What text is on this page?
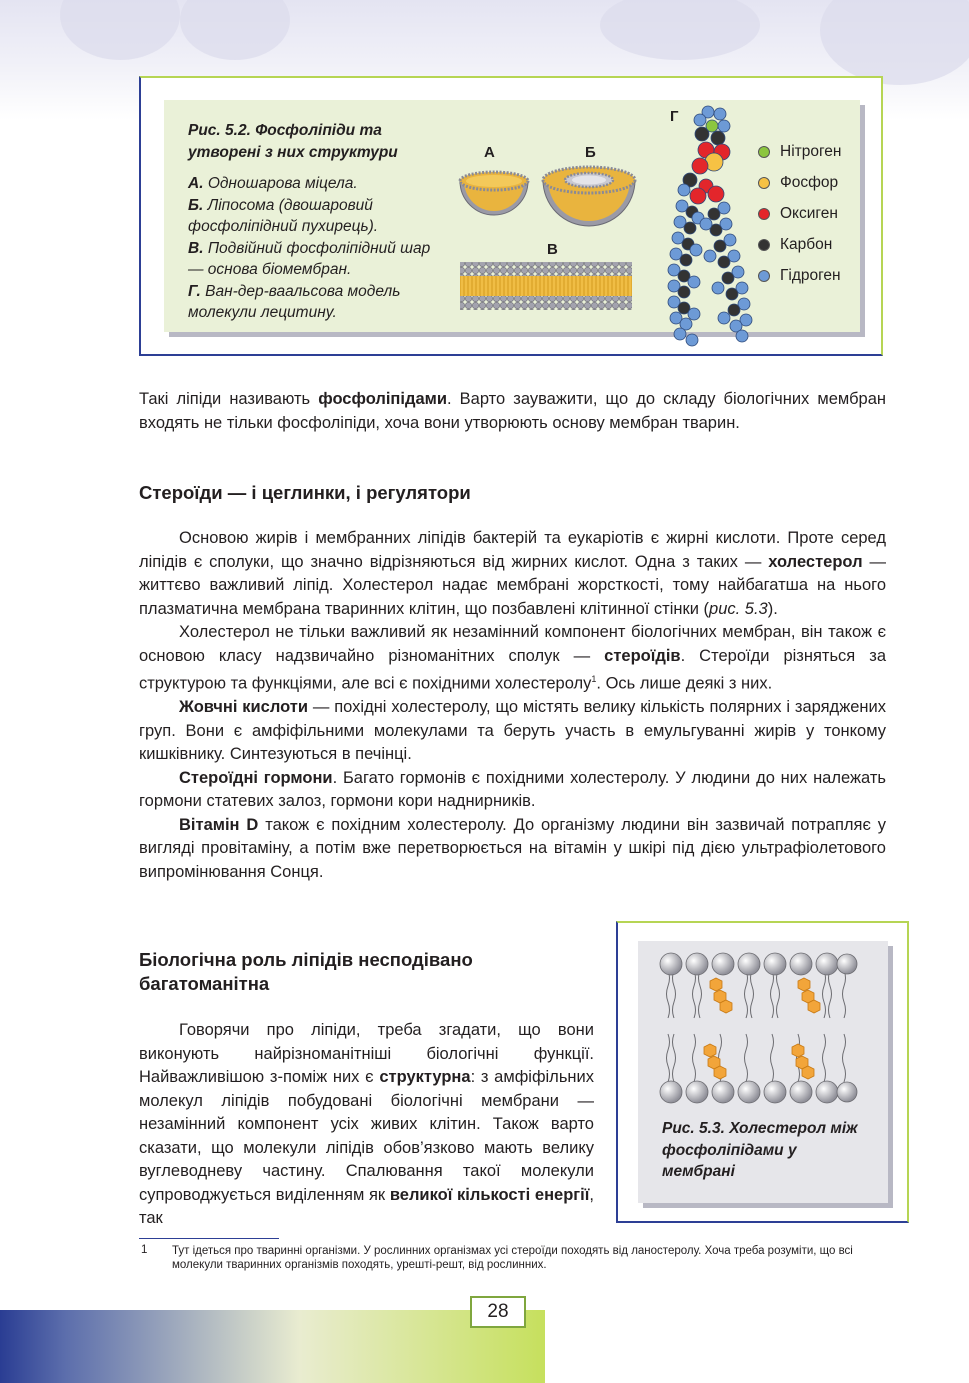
Рис. 5.2. Фосфоліпіди та утворені з них структури
А. Одношарова міцела.
Б. Ліпосома (двошаровий фосфоліпідний пухирець).
В. Подвійний фосфоліпідний шар — основа біомембран.
Г. Ван-дер-ваальсова модель молекули лецитину.
А	Б
В
Г
Нітроген
Фосфор
Оксиген
Карбон
Гідроген

Такі ліпіди називають фосфоліпідами. Варто зауважити, що до складу біологічних мембран входять не тільки фосфоліпіди, хоча вони утворюють основу мембран тварин.

Стероїди — і цеглинки, і регулятори

Основою жирів і мембранних ліпідів бактерій та еукаріотів є жирні кислоти. Проте серед ліпідів є сполуки, що значно відрізняються від жирних кислот. Одна з таких — холестерол — життєво важливий ліпід. Холестерол надає мембрані жорсткості, тому найбагатша на нього плазматична мембрана тваринних клітин, що позбавлені клітинної стінки (рис. 5.3).

Холестерол не тільки важливий як незамінний компонент біологічних мембран, він також є основою класу надзвичайно різноманітних сполук — стероїдів. Стероїди різняться за структурою та функціями, але всі є похідними холестеролу$^1$. Ось лише деякі з них.

Жовчні кислоти — похідні холестеролу, що містять велику кількість полярних і заряджених груп. Вони є амфіфільними молекулами та беруть участь в емульгуванні жирів у тонкому кишківнику. Синтезуються в печінці.

Стероїдні гормони. Багато гормонів є похідними холестеролу. У людини до них належать гормони статевих залоз, гормони кори наднирників.

Вітамін D також є похідним холестеролу. До організму людини він зазвичай потрапляє у вигляді провітаміну, а потім вже перетворюється на вітамін у шкірі під дією ультрафіолетового випромінювання Сонця.

Біологічна роль ліпідів несподівано
багатоманітна

Говорячи про ліпіди, треба згадати, що вони виконують найрізноманітніші біологічні функції. Найважливішою з-поміж них є структурна: з амфіфільних молекул ліпідів побудовані біологічні мембрани — незамінний компонент усіх живих клітин. Також варто сказати, що молекули ліпідів обов’язково мають велику вуглеводневу частину. Спалювання такої молекули супроводжується виділенням як великої кількості енергії, так

Рис. 5.3. Холестерол між фосфоліпідами у мембрані
1 Тут ідеться про тваринні організми. У рослинних організмах усі стероїди походять від ланостеролу. Хоча треба розуміти, що всі молекули тваринних організмів походять, урешті-решт, від рослинних.
28
